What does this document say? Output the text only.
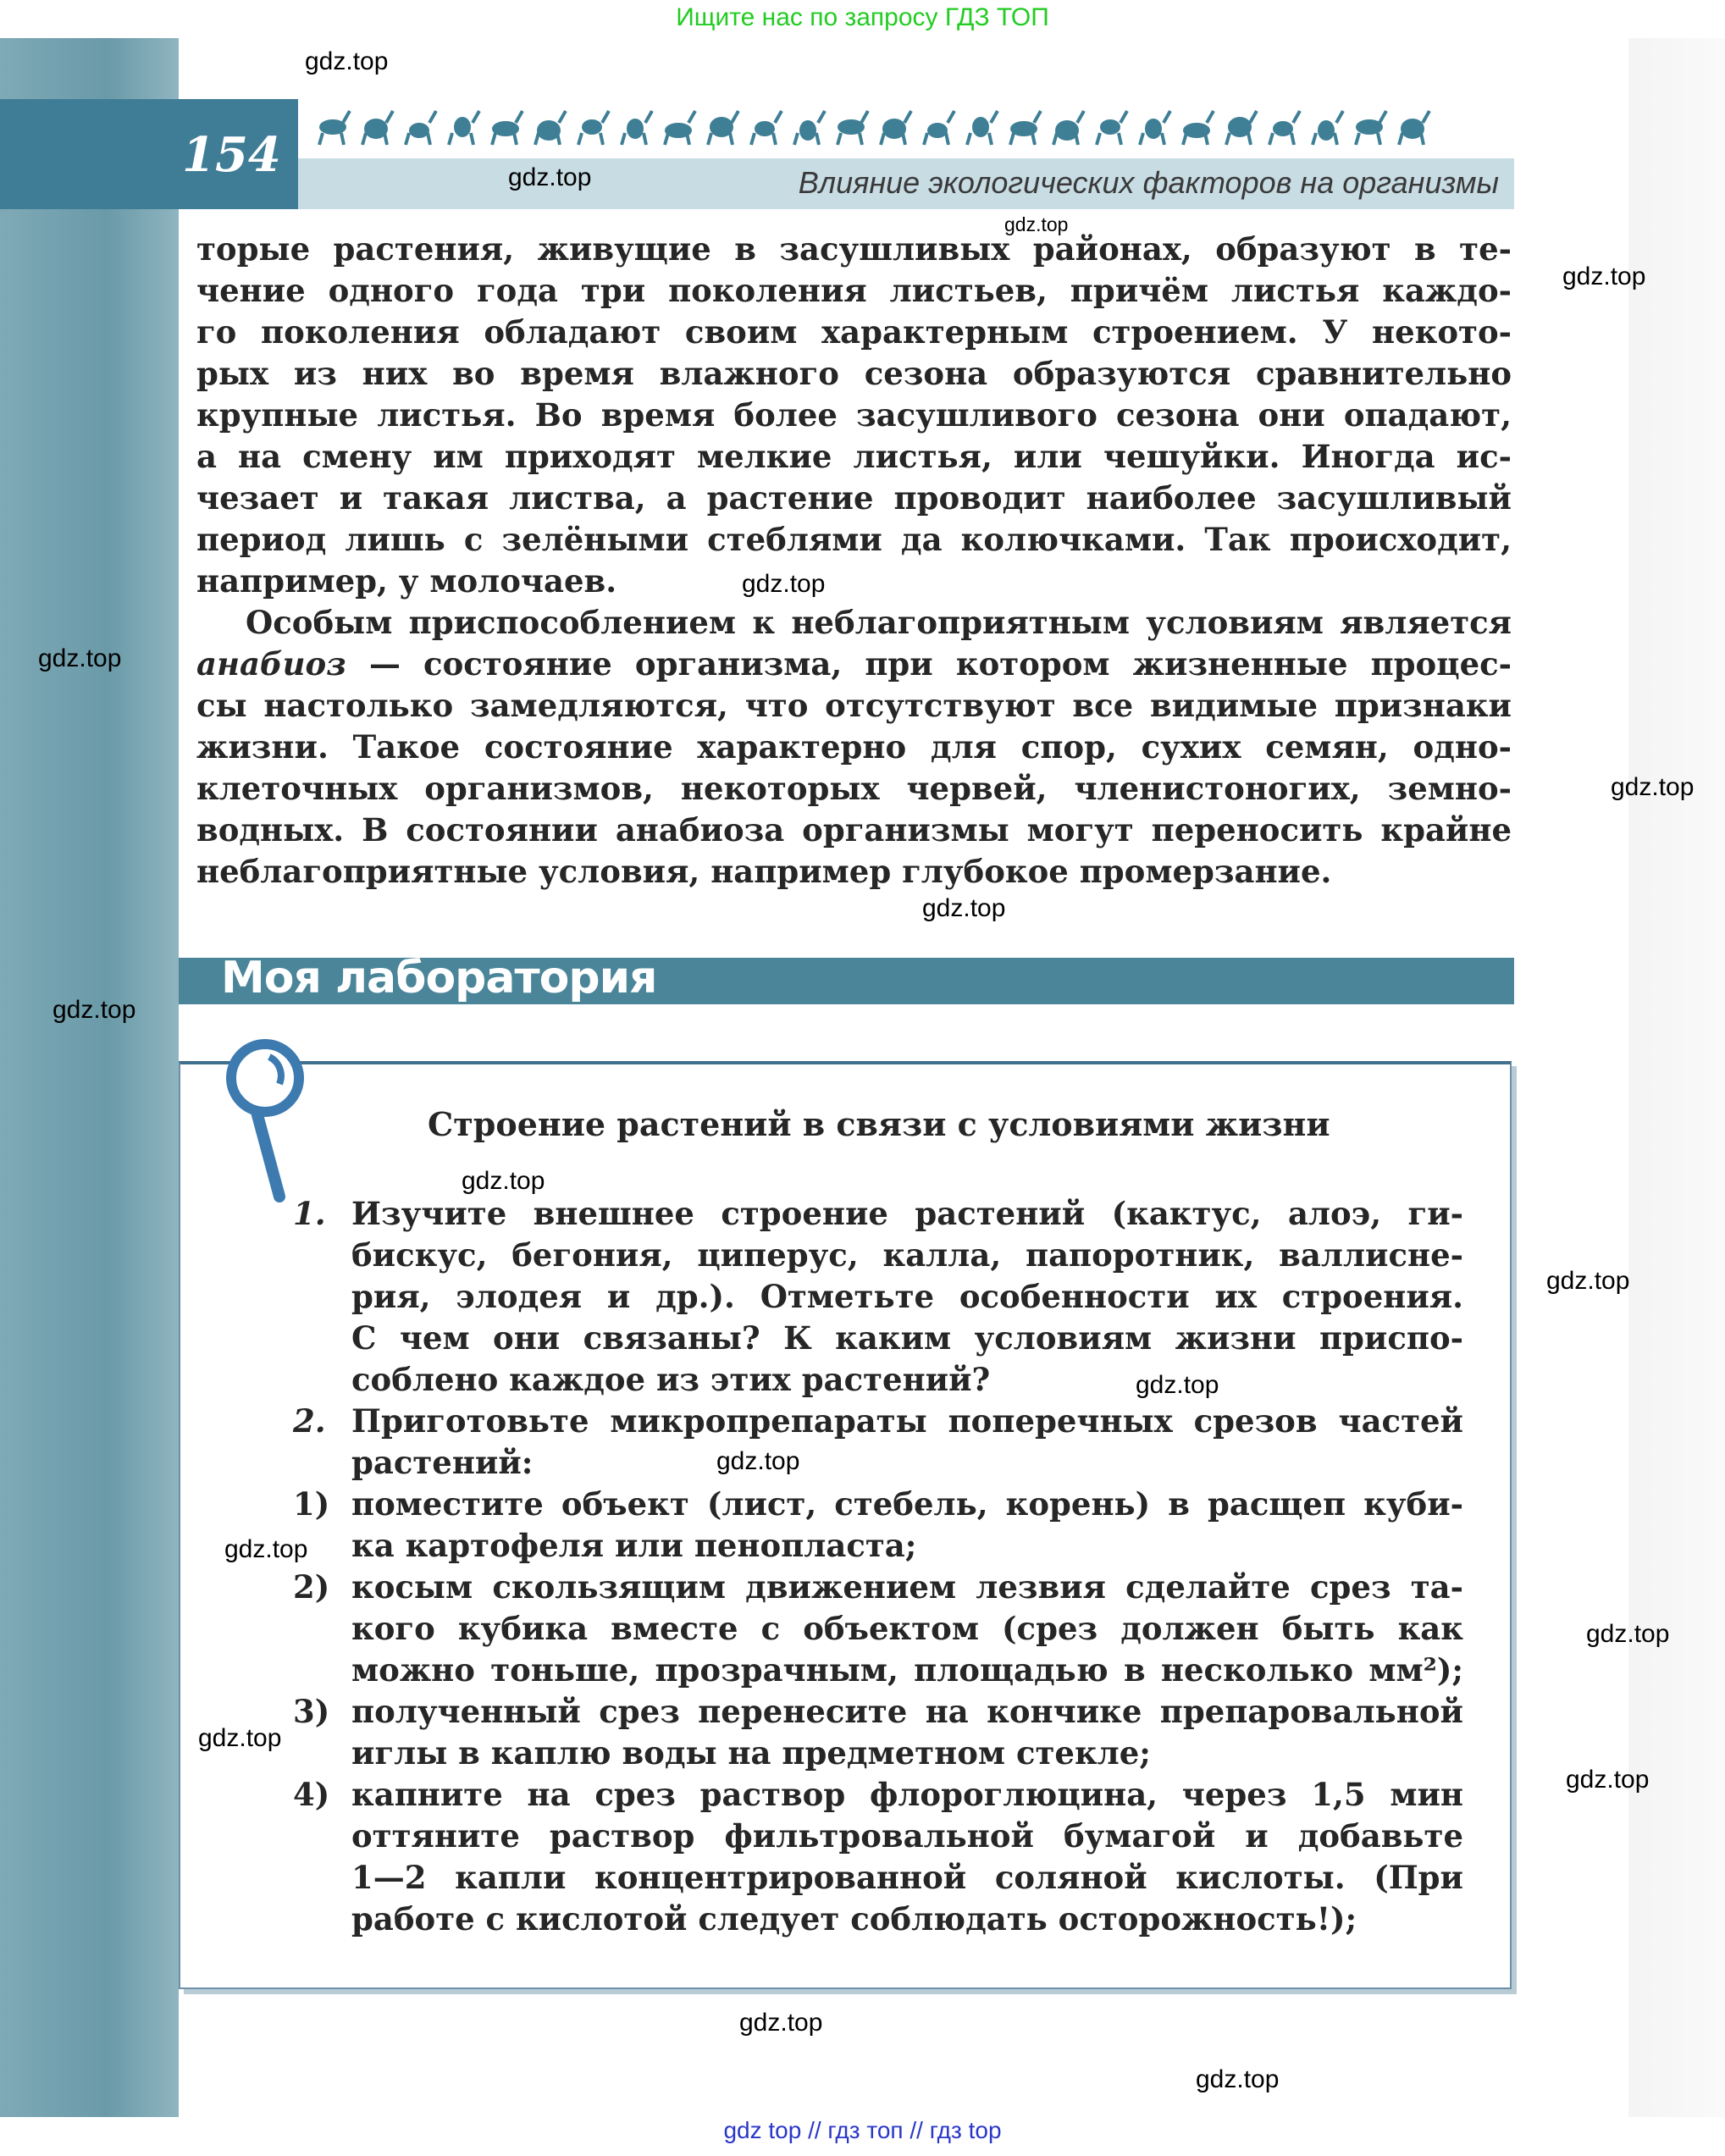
Ищите нас по запросу ГДЗ ТОП
Влияние экологических факторов на организмы
154
торые растения, живущие в засушливых районах, образуют в те-
чение одного года три поколения листьев, причём листья каждо-
го поколения обладают своим характерным строением. У некото-
рых из них во время влажного сезона образуются сравнительно
крупные листья. Во время более засушливого сезона они опадают,
а на смену им приходят мелкие листья, или чешуйки. Иногда ис-
чезает и такая листва, а растение проводит наиболее засушливый
период лишь с зелёными стеблями да колючками. Так происходит,
например, у молочаев.
Особым приспособлением к неблагоприятным условиям является
анабиоз — состояние организма, при котором жизненные процес-
сы настолько замедляются, что отсутствуют все видимые признаки
жизни. Такое состояние характерно для спор, сухих семян, одно-
клеточных организмов, некоторых червей, членистоногих, земно-
водных. В состоянии анабиоза организмы могут переносить крайне
неблагоприятные условия, например глубокое промерзание.
Моя лаборатория
Строение растений в связи с условиями жизни
1. Изучите внешнее строение растений (кактус, алоэ, ги-
бискус, бегония, циперус, калла, папоротник, валлисне-
рия, элодея и др.). Отметьте особенности их строения.
С чем они связаны? К каким условиям жизни приспо-
соблено каждое из этих растений?
2. Приготовьте микропрепараты поперечных срезов частей
растений:
1) поместите объект (лист, стебель, корень) в расщеп куби-
ка картофеля или пенопласта;
2) косым скользящим движением лезвия сделайте срез та-
кого кубика вместе с объектом (срез должен быть как
можно тоньше, прозрачным, площадью в несколько мм²);
3) полученный срез перенесите на кончике препаровальной
иглы в каплю воды на предметном стекле;
4) капните на срез раствор флороглюцина, через 1,5 мин
оттяните раствор фильтровальной бумагой и добавьте
1—2 капли концентрированной соляной кислоты. (При
работе с кислотой следует соблюдать осторожность!);
gdz.top
gdz.top
gdz.top
gdz.top
gdz.top
gdz.top
gdz.top
gdz.top
gdz.top
gdz.top
gdz.top
gdz.top
gdz.top
gdz.top
gdz.top
gdz.top
gdz.top
gdz.top
gdz.top
gdz top // гдз топ // гдз top
